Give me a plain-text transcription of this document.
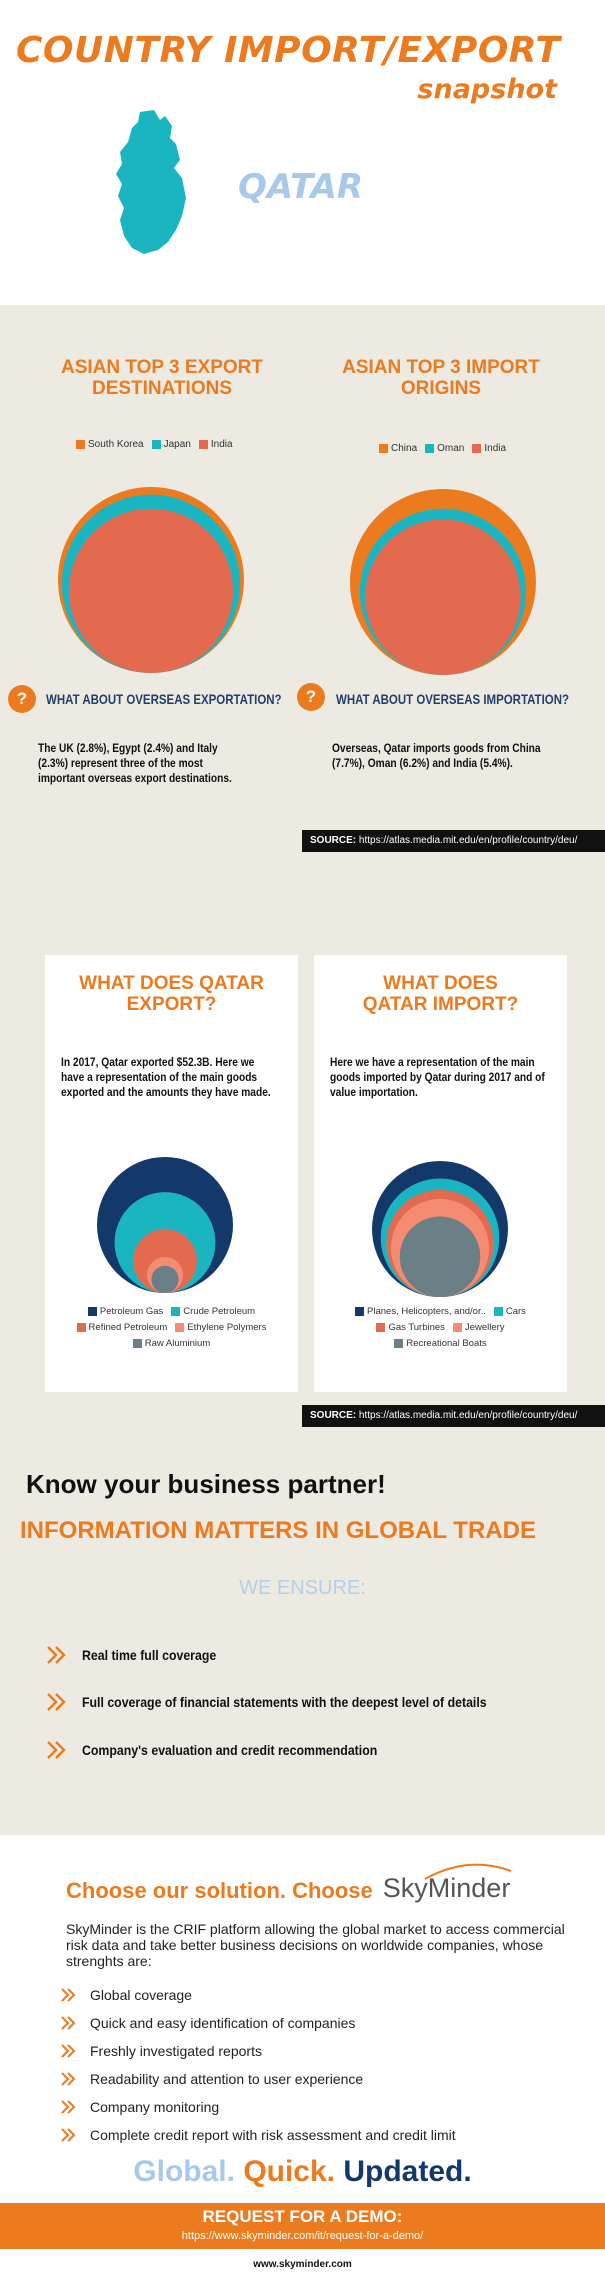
COUNTRY IMPORT/EXPORT
snapshot
QATAR
ASIAN TOP 3 EXPORT
DESTINATIONS
ASIAN TOP 3 IMPORT
ORIGINS
South Korea Japan India	China Oman India
?	WHAT ABOUT OVERSEAS EXPORTATION?
The UK (2.8%), Egypt (2.4%) and Italy (2.3%) represent three of the most important overseas export destinations.
?	WHAT ABOUT OVERSEAS IMPORTATION?
Overseas, Qatar imports goods from China (7.7%), Oman (6.2%) and India (5.4%).
SOURCE: https://atlas.media.mit.edu/en/profile/country/deu/
WHAT DOES QATAR
EXPORT?
In 2017, Qatar exported $52.3B. Here we have a representation of the main goods exported and the amounts they have made.
Petroleum Gas Crude Petroleum
Refined Petroleum Ethylene Polymers
Raw Aluminium
WHAT DOES
QATAR IMPORT?
Here we have a representation of the main goods imported by Qatar during 2017 and of value importation.
Planes, Helicopters, and/or.. Cars
Gas Turbines Jewellery
Recreational Boats
SOURCE: https://atlas.media.mit.edu/en/profile/country/deu/
Know your business partner!
INFORMATION MATTERS IN GLOBAL TRADE
WE ENSURE:
Real time full coverage
Full coverage of financial statements with the deepest level of details
Company's evaluation and credit recommendation
Choose our solution. Choose SkyMinder
SkyMinder is the CRIF platform allowing the global market to access commercial risk data and take better business decisions on worldwide companies, whose strenghts are:
Global coverage
Quick and easy identification of companies
Freshly investigated reports
Readability and attention to user experience
Company monitoring
Complete credit report with risk assessment and credit limit
Global. Quick. Updated.
REQUEST FOR A DEMO:
https://www.skyminder.com/it/request-for-a-demo/
www.skyminder.com
